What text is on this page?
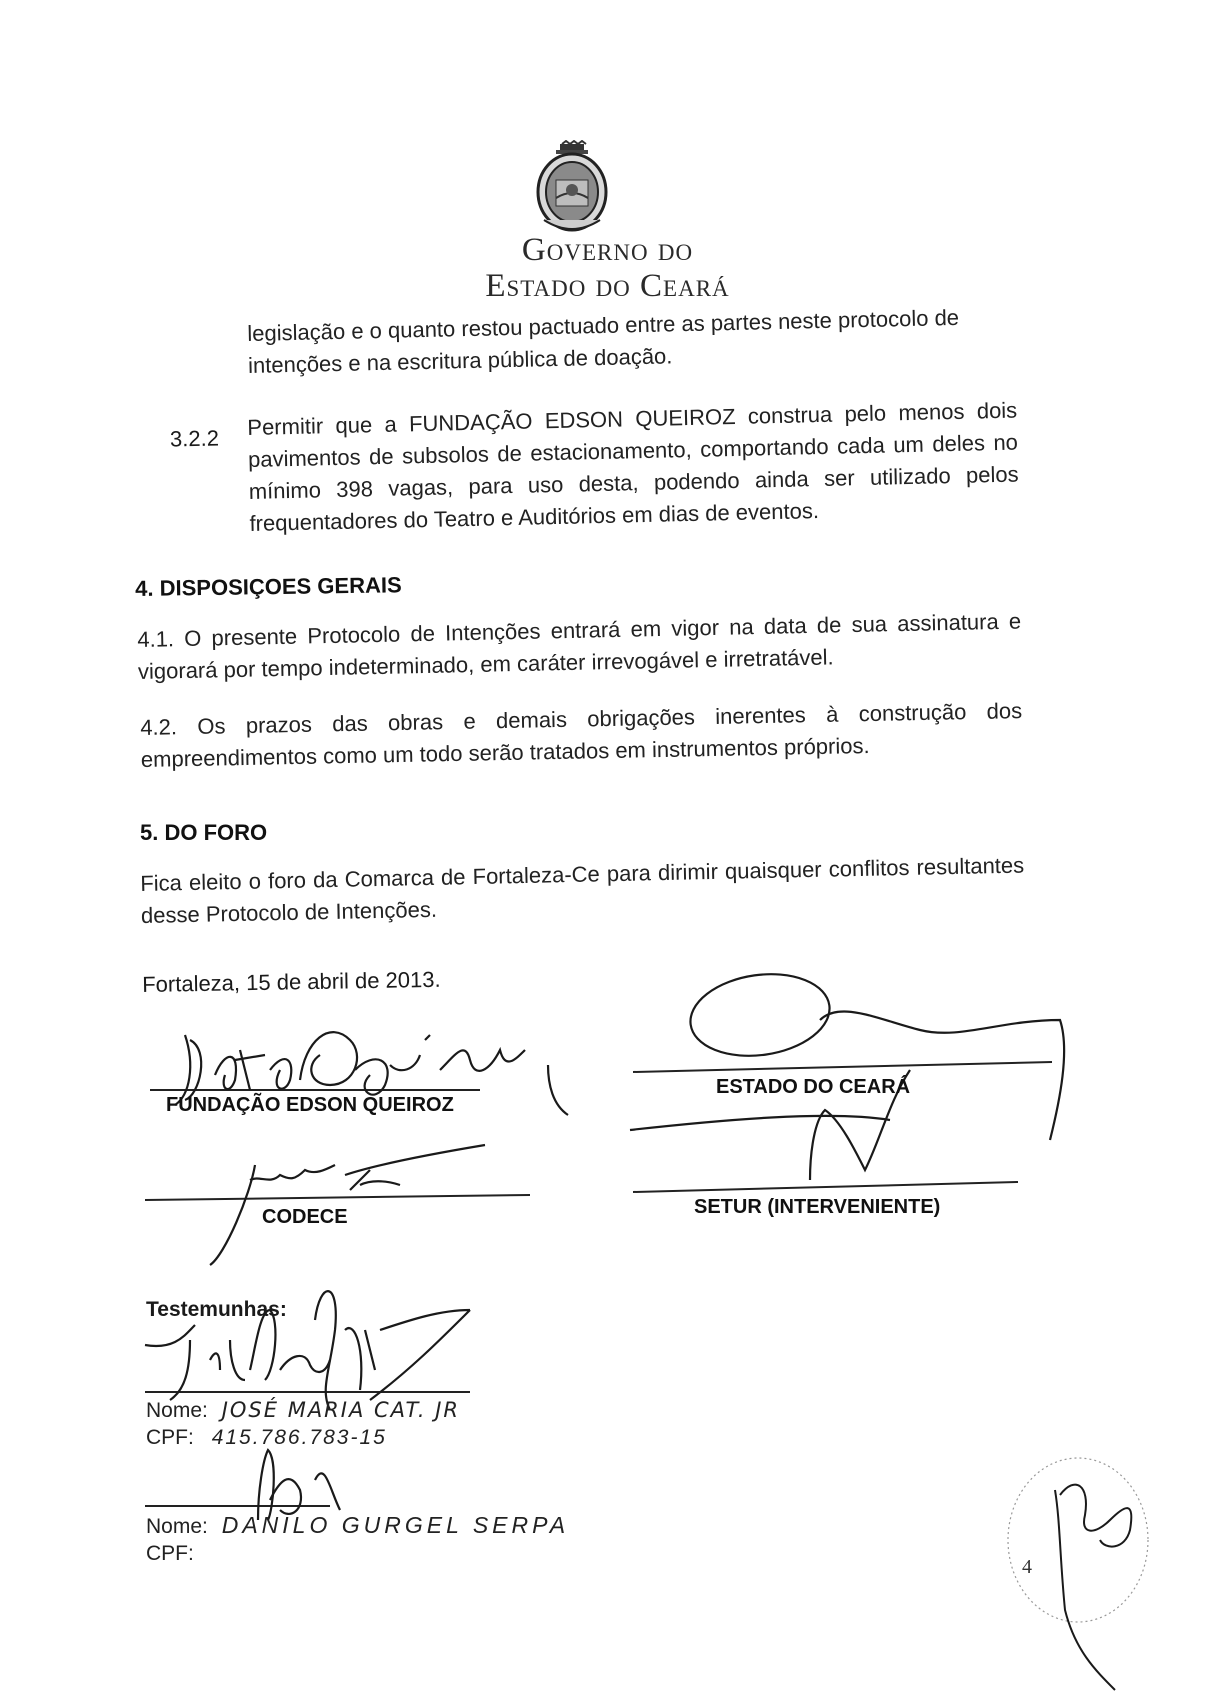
Governo do
Estado do Ceará
legislação e o quanto restou pactuado entre as partes neste protocolo de intenções e na escritura pública de doação.
3.2.2 Permitir que a FUNDAÇÃO EDSON QUEIROZ construa pelo menos dois pavimentos de subsolos de estacionamento, comportando cada um deles no mínimo 398 vagas, para uso desta, podendo ainda ser utilizado pelos frequentadores do Teatro e Auditórios em dias de eventos.
4. DISPOSIÇOES GERAIS
4.1. O presente Protocolo de Intenções entrará em vigor na data de sua assinatura e vigorará por tempo indeterminado, em caráter irrevogável e irretratável.
4.2. Os prazos das obras e demais obrigações inerentes à construção dos empreendimentos como um todo serão tratados em instrumentos próprios.
5. DO FORO
Fica eleito o foro da Comarca de Fortaleza-Ce para dirimir quaisquer conflitos resultantes desse Protocolo de Intenções.
Fortaleza, 15 de abril de 2013.
FUNDAÇÃO EDSON QUEIROZ
ESTADO DO CEARÁ
CODECE	SETUR (INTERVENIENTE)
Testemunhas:
Nome: JOSÉ MARIA CAT. JR
CPF: 415.786.783-15
Nome: DANILO GURGEL SERPA
CPF:
4
